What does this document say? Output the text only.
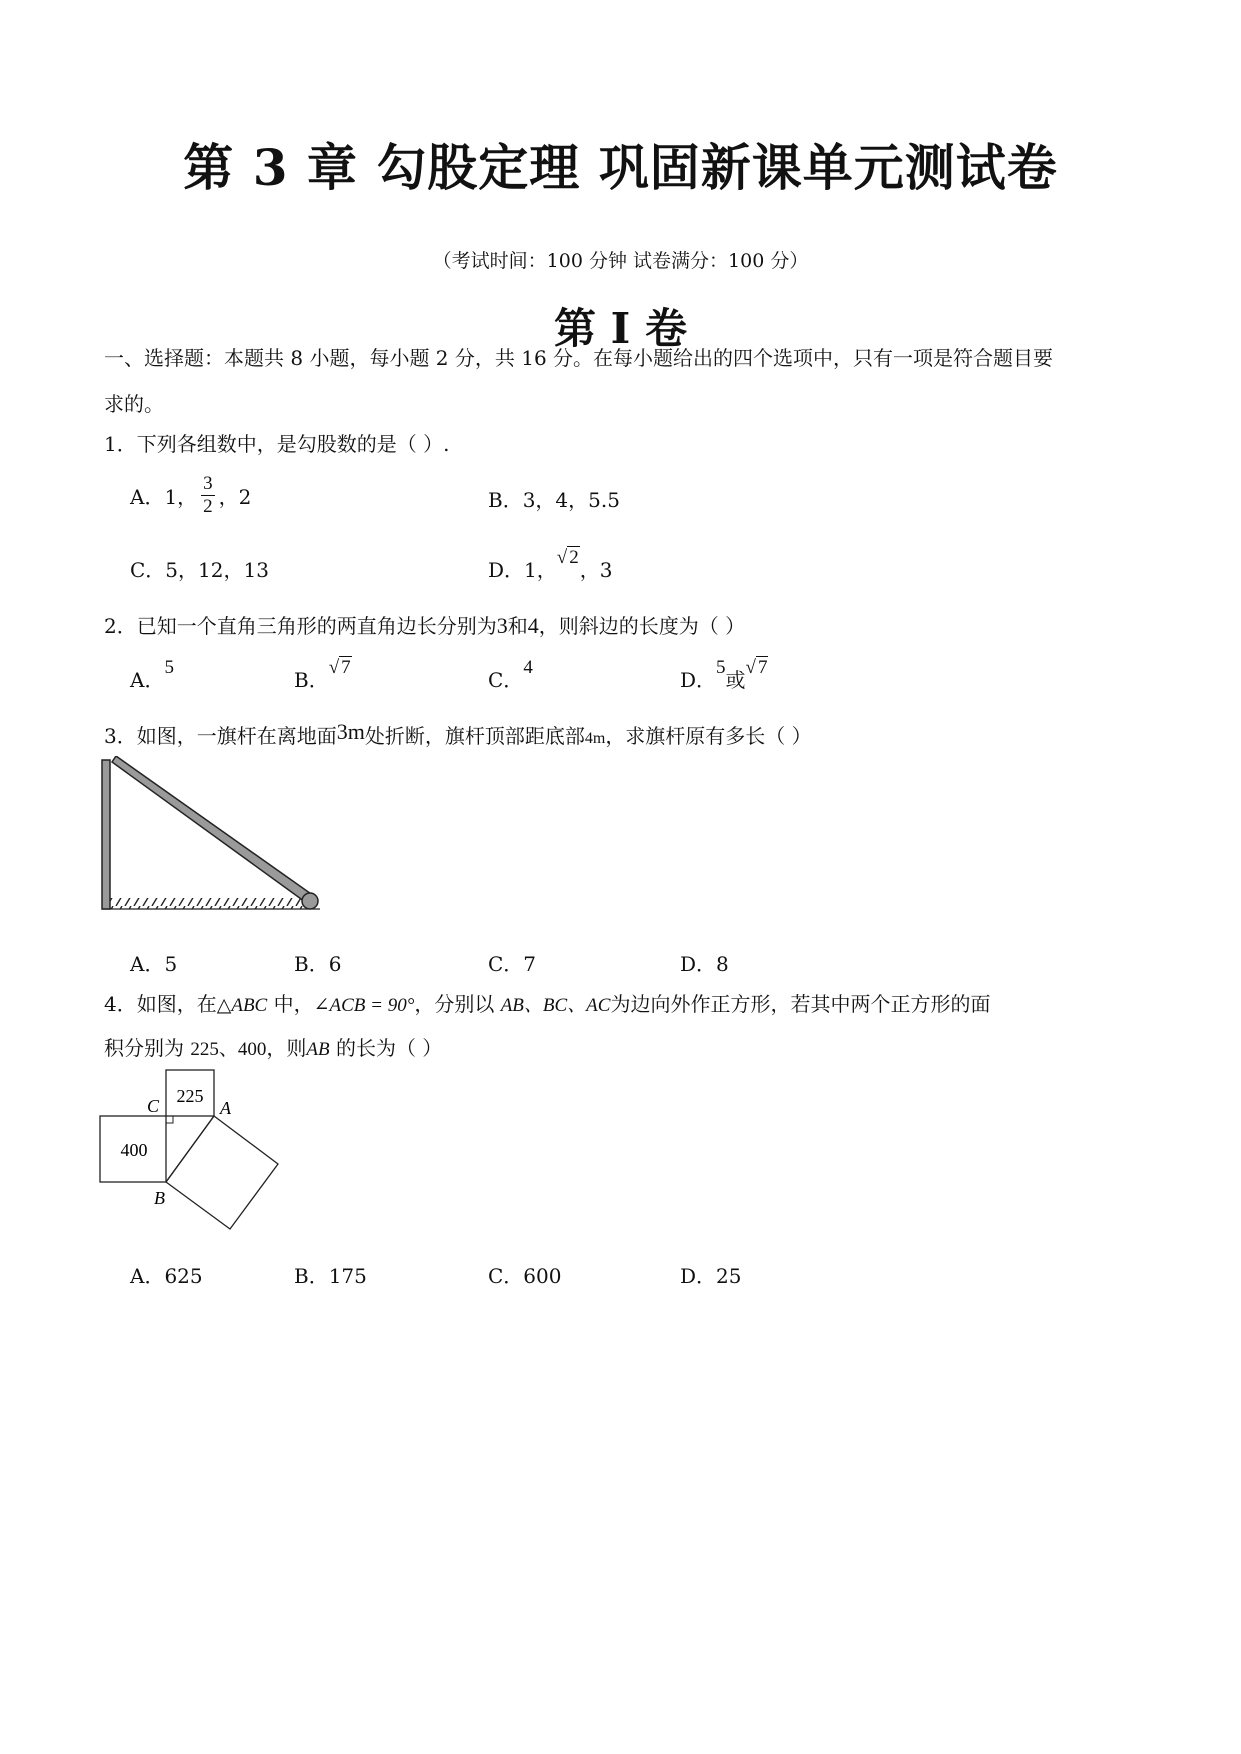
第 3 章 勾股定理 巩固新课单元测试卷
（考试时间：100 分钟 试卷满分：100 分）
第 I 卷
一、选择题：本题共 8 小题，每小题 2 分，共 16 分。在每小题给出的四个选项中，只有一项是符合题目要
求的。
1．下列各组数中，是勾股数的是（ ）.
A．1， $\frac{3}{2}$ ，2	B．3，4，5.5
C．5，12，13	D．1，√ 2，3
2．已知一个直角三角形的两直角边长分别为3和4，则斜边的长度为（ ）
A．5
B．√ 7
C．4
D．5或√ 7
3．如图，一旗杆在离地面3m处折断，旗杆顶部距底部4m，求旗杆原有多长（ ）
A．5	B．6	C．7	D．8
4．如图，在△ABC 中，∠ACB = 90°，分别以 AB、BC、AC为边向外作正方形，若其中两个正方形的面
积分别为 225、400，则AB 的长为（ ）
225
400
C	A
B
A．625	B．175	C．600	D．25
